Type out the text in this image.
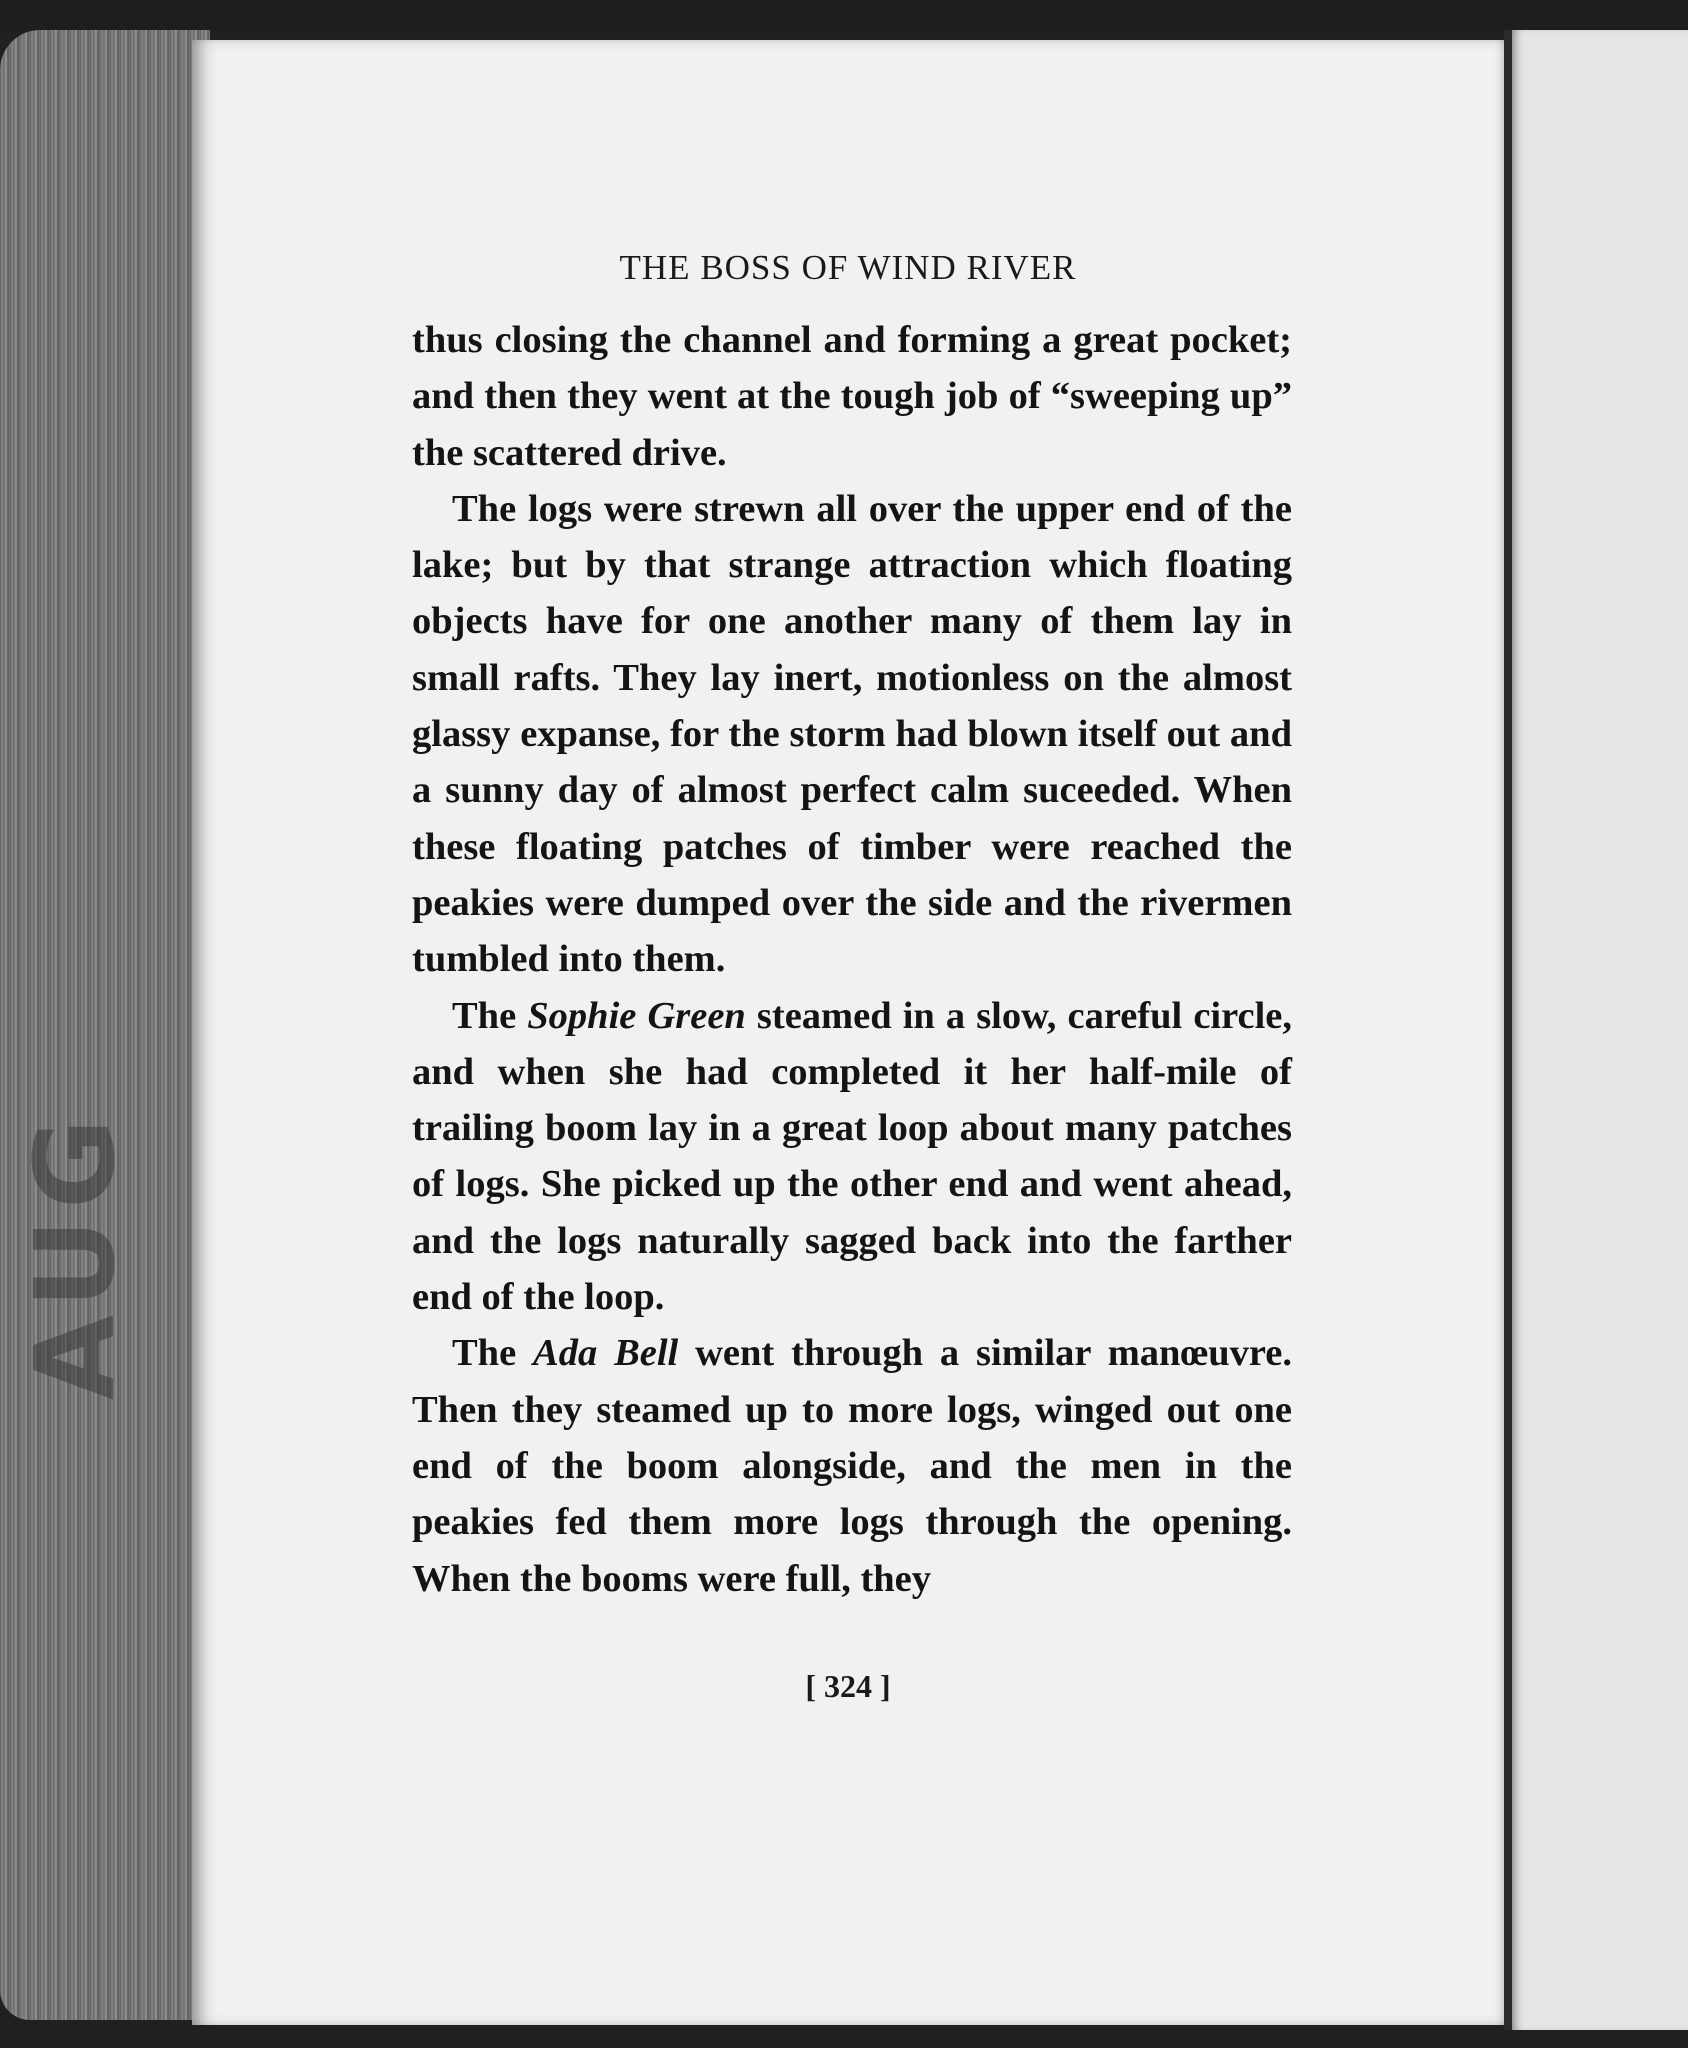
AUG
THE BOSS OF WIND RIVER

thus closing the channel and forming a great pocket; and then they went at the tough job of “sweeping up” the scattered drive.

The logs were strewn all over the upper end of the lake; but by that strange attraction which floating objects have for one another many of them lay in small rafts. They lay inert, motionless on the almost glassy expanse, for the storm had blown itself out and a sunny day of almost perfect calm suceeded. When these floating patches of timber were reached the peakies were dumped over the side and the rivermen tumbled into them.

The Sophie Green steamed in a slow, careful circle, and when she had completed it her half-mile of trailing boom lay in a great loop about many patches of logs. She picked up the other end and went ahead, and the logs naturally sagged back into the farther end of the loop.

The Ada Bell went through a similar manœuvre. Then they steamed up to more logs, winged out one end of the boom alongside, and the men in the peakies fed them more logs through the opening. When the booms were full, they

[ 324 ]
